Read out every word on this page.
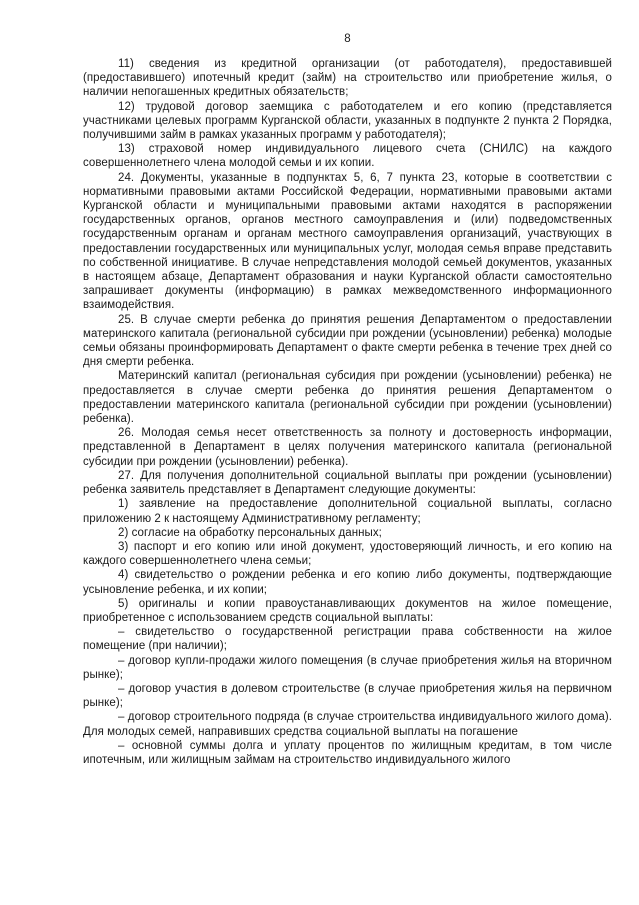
8

11) сведения из кредитной организации (от работодателя), предоставившей (предоставившего) ипотечный кредит (займ) на строительство или приобретение жилья, о наличии непогашенных кредитных обязательств;

12) трудовой договор заемщика с работодателем и его копию (представляется участниками целевых программ Курганской области, указанных в подпункте 2 пункта 2 Порядка, получившими займ в рамках указанных программ у работодателя);

13) страховой номер индивидуального лицевого счета (СНИЛС) на каждого совершеннолетнего члена молодой семьи и их копии.

24. Документы, указанные в подпунктах 5, 6, 7 пункта 23, которые в соответствии с нормативными правовыми актами Российской Федерации, нормативными правовыми актами Курганской области и муниципальными правовыми актами находятся в распоряжении государственных органов, органов местного самоуправления и (или) подведомственных государственным органам и органам местного самоуправления организаций, участвующих в предоставлении государственных или муниципальных услуг, молодая семья вправе представить по собственной инициативе. В случае непредставления молодой семьей документов, указанных в настоящем абзаце, Департамент образования и науки Курганской области самостоятельно запрашивает документы (информацию) в рамках межведомственного информационного взаимодействия.

25. В случае смерти ребенка до принятия решения Департаментом о предоставлении материнского капитала (региональной субсидии при рождении (усыновлении) ребенка) молодые семьи обязаны проинформировать Департамент о факте смерти ребенка в течение трех дней со дня смерти ребенка.

Материнский капитал (региональная субсидия при рождении (усыновлении) ребенка) не предоставляется в случае смерти ребенка до принятия решения Департаментом о предоставлении материнского капитала (региональной субсидии при рождении (усыновлении) ребенка).

26. Молодая семья несет ответственность за полноту и достоверность информации, представленной в Департамент в целях получения материнского капитала (региональной субсидии при рождении (усыновлении) ребенка).

27. Для получения дополнительной социальной выплаты при рождении (усыновлении) ребенка заявитель представляет в Департамент следующие документы:

1) заявление на предоставление дополнительной социальной выплаты, согласно приложению 2 к настоящему Административному регламенту;

2) согласие на обработку персональных данных;

3) паспорт и его копию или иной документ, удостоверяющий личность, и его копию на каждого совершеннолетнего члена семьи;

4) свидетельство о рождении ребенка и его копию либо документы, подтверждающие усыновление ребенка, и их копии;

5) оригиналы и копии правоустанавливающих документов на жилое помещение, приобретенное с использованием средств социальной выплаты:

– свидетельство о государственной регистрации права собственности на жилое помещение (при наличии);

– договор купли-продажи жилого помещения (в случае приобретения жилья на вторичном рынке);

– договор участия в долевом строительстве (в случае приобретения жилья на первичном рынке);

– договор строительного подряда (в случае строительства индивидуального жилого дома). Для молодых семей, направивших средства социальной выплаты на погашение

– основной суммы долга и уплату процентов по жилищным кредитам, в том числе ипотечным, или жилищным займам на строительство индивидуального жилого
